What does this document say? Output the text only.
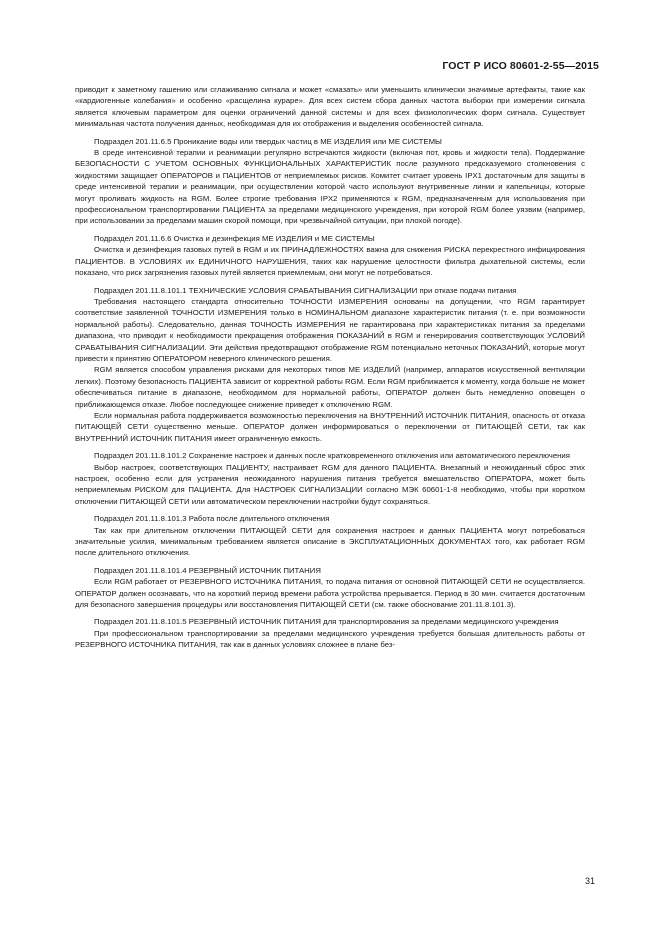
ГОСТ Р ИСО 80601-2-55—2015

приводит к заметному гашению или сглаживанию сигнала и может «смазать» или уменьшить клинически значимые артефакты, такие как «кардиогенные колебания» и особенно «расщелина кураре». Для всех систем сбора данных частота выборки при измерении сигнала является ключевым параметром для оценки ограничений данной системы и для всех физиологических форм сигнала. Существует минимальная частота получения данных, необходимая для их отображения и выделения особенностей сигнала.

Подраздел 201.11.6.5 Проникание воды или твердых частиц в МЕ ИЗДЕЛИЯ или МЕ СИСТЕМЫ

В среде интенсивной терапии и реанимации регулярно встречаются жидкости (включая пот, кровь и жидкости тела). Поддержание БЕЗОПАСНОСТИ С УЧЕТОМ ОСНОВНЫХ ФУНКЦИОНАЛЬНЫХ ХАРАКТЕРИСТИК после разумного предсказуемого столкновения с жидкостями защищает ОПЕРАТОРОВ и ПАЦИЕНТОВ от неприемлемых рисков. Комитет считает уровень IPX1 достаточным для защиты в среде интенсивной терапии и реанимации, при осуществлении которой часто используют внутривенные линии и капельницы, которые могут проливать жидкость на RGM. Более строгие требования IPX2 применяются к RGM, предназначенным для использования при профессиональном транспортировании ПАЦИЕНТА за пределами медицинского учреждения, при которой RGM более уязвим (например, при использовании за пределами машин скорой помощи, при чрезвычайной ситуации, при плохой погоде).

Подраздел 201.11.6.6 Очистка и дезинфекция МЕ ИЗДЕЛИЯ и МЕ СИСТЕМЫ

Очистка и дезинфекция газовых путей в RGM и их ПРИНАДЛЕЖНОСТЯХ важна для снижения РИСКА перекрестного инфицирования ПАЦИЕНТОВ. В УСЛОВИЯХ их ЕДИНИЧНОГО НАРУШЕНИЯ, таких как нарушение целостности фильтра дыхательной системы, если показано, что риск загрязнения газовых путей является приемлемым, они могут не потребоваться.

Подраздел 201.11.8.101.1 ТЕХНИЧЕСКИЕ УСЛОВИЯ СРАБАТЫВАНИЯ СИГНАЛИЗАЦИИ при отказе подачи питания

Требования настоящего стандарта относительно ТОЧНОСТИ ИЗМЕРЕНИЯ основаны на допущении, что RGM гарантирует соответствие заявленной ТОЧНОСТИ ИЗМЕРЕНИЯ только в НОМИНАЛЬНОМ диапазоне характеристик питания (т. е. при возможности нормальной работы). Следовательно, данная ТОЧНОСТЬ ИЗМЕРЕНИЯ не гарантирована при характеристиках питания за пределами диапазона, что приводит к необходимости прекращения отображения ПОКАЗАНИЙ в RGM и генерирования соответствующих УСЛОВИЙ СРАБАТЫВАНИЯ СИГНАЛИЗАЦИИ. Эти действия предотвращают отображение RGM потенциально неточных ПОКАЗАНИЙ, которые могут привести к принятию ОПЕРАТОРОМ неверного клинического решения.

RGM является способом управления рисками для некоторых типов МЕ ИЗДЕЛИЙ (например, аппаратов искусственной вентиляции легких). Поэтому безопасность ПАЦИЕНТА зависит от корректной работы RGM. Если RGM приближается к моменту, когда больше не может обеспечиваться питание в диапазоне, необходимом для нормальной работы, ОПЕРАТОР должен быть немедленно оповещен о приближающемся отказе. Любое последующее снижение приведет к отключению RGM.

Если нормальная работа поддерживается возможностью переключения на ВНУТРЕННИЙ ИСТОЧНИК ПИТАНИЯ, опасность от отказа ПИТАЮЩЕЙ СЕТИ существенно меньше. ОПЕРАТОР должен информироваться о переключении от ПИТАЮЩЕЙ СЕТИ, так как ВНУТРЕННИЙ ИСТОЧНИК ПИТАНИЯ имеет ограниченную емкость.

Подраздел 201.11.8.101.2 Сохранение настроек и данных после кратковременного отключения или автоматического переключения

Выбор настроек, соответствующих ПАЦИЕНТУ, настраивает RGM для данного ПАЦИЕНТА. Внезапный и неожиданный сброс этих настроек, особенно если для устранения неожиданного нарушения питания требуется вмешательство ОПЕРАТОРА, может быть неприемлемым РИСКОМ для ПАЦИЕНТА. Для НАСТРОЕК СИГНАЛИЗАЦИИ согласно МЭК 60601-1-8 необходимо, чтобы при коротком отключении ПИТАЮЩЕЙ СЕТИ или автоматическом переключении настройки будут сохраняться.

Подраздел 201.11.8.101.3 Работа после длительного отключения

Так как при длительном отключении ПИТАЮЩЕЙ СЕТИ для сохранения настроек и данных ПАЦИЕНТА могут потребоваться значительные усилия, минимальным требованием является описание в ЭКСПЛУАТАЦИОННЫХ ДОКУМЕНТАХ того, как работает RGM после длительного отключения.

Подраздел 201.11.8.101.4 РЕЗЕРВНЫЙ ИСТОЧНИК ПИТАНИЯ

Если RGM работает от РЕЗЕРВНОГО ИСТОЧНИКА ПИТАНИЯ, то подача питания от основной ПИТАЮЩЕЙ СЕТИ не осуществляется. ОПЕРАТОР должен осознавать, что на короткий период времени работа устройства прерывается. Период в 30 мин. считается достаточным для безопасного завершения процедуры или восстановления ПИТАЮЩЕЙ СЕТИ (см. также обоснование 201.11.8.101.3).

Подраздел 201.11.8.101.5 РЕЗЕРВНЫЙ ИСТОЧНИК ПИТАНИЯ для транспортирования за пределами медицинского учреждения

При профессиональном транспортировании за пределами медицинского учреждения требуется большая длительность работы от РЕЗЕРВНОГО ИСТОЧНИКА ПИТАНИЯ, так как в данных условиях сложнее в плане без-

31
